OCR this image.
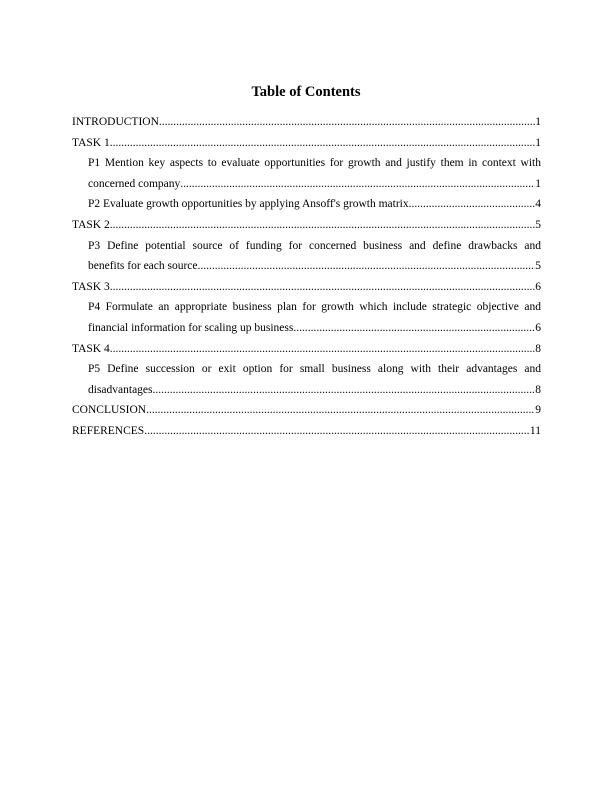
Table of Contents
INTRODUCTION .....	1
TASK 1 .....	1
P1 Mention key aspects to evaluate opportunities for growth and justify them in context with
concerned company .....	1
P2 Evaluate growth opportunities by applying Ansoff's growth matrix .....	4
TASK 2 .....	5
P3 Define potential source of funding for concerned business and define drawbacks and
benefits for each source .....	5
TASK 3 .....	6
P4 Formulate an appropriate business plan for growth which include strategic objective and
financial information for scaling up business .....	6
TASK 4 .....	8
P5 Define succession or exit option for small business along with their advantages and
disadvantages .....	8
CONCLUSION .....	9
REFERENCES .....	11
